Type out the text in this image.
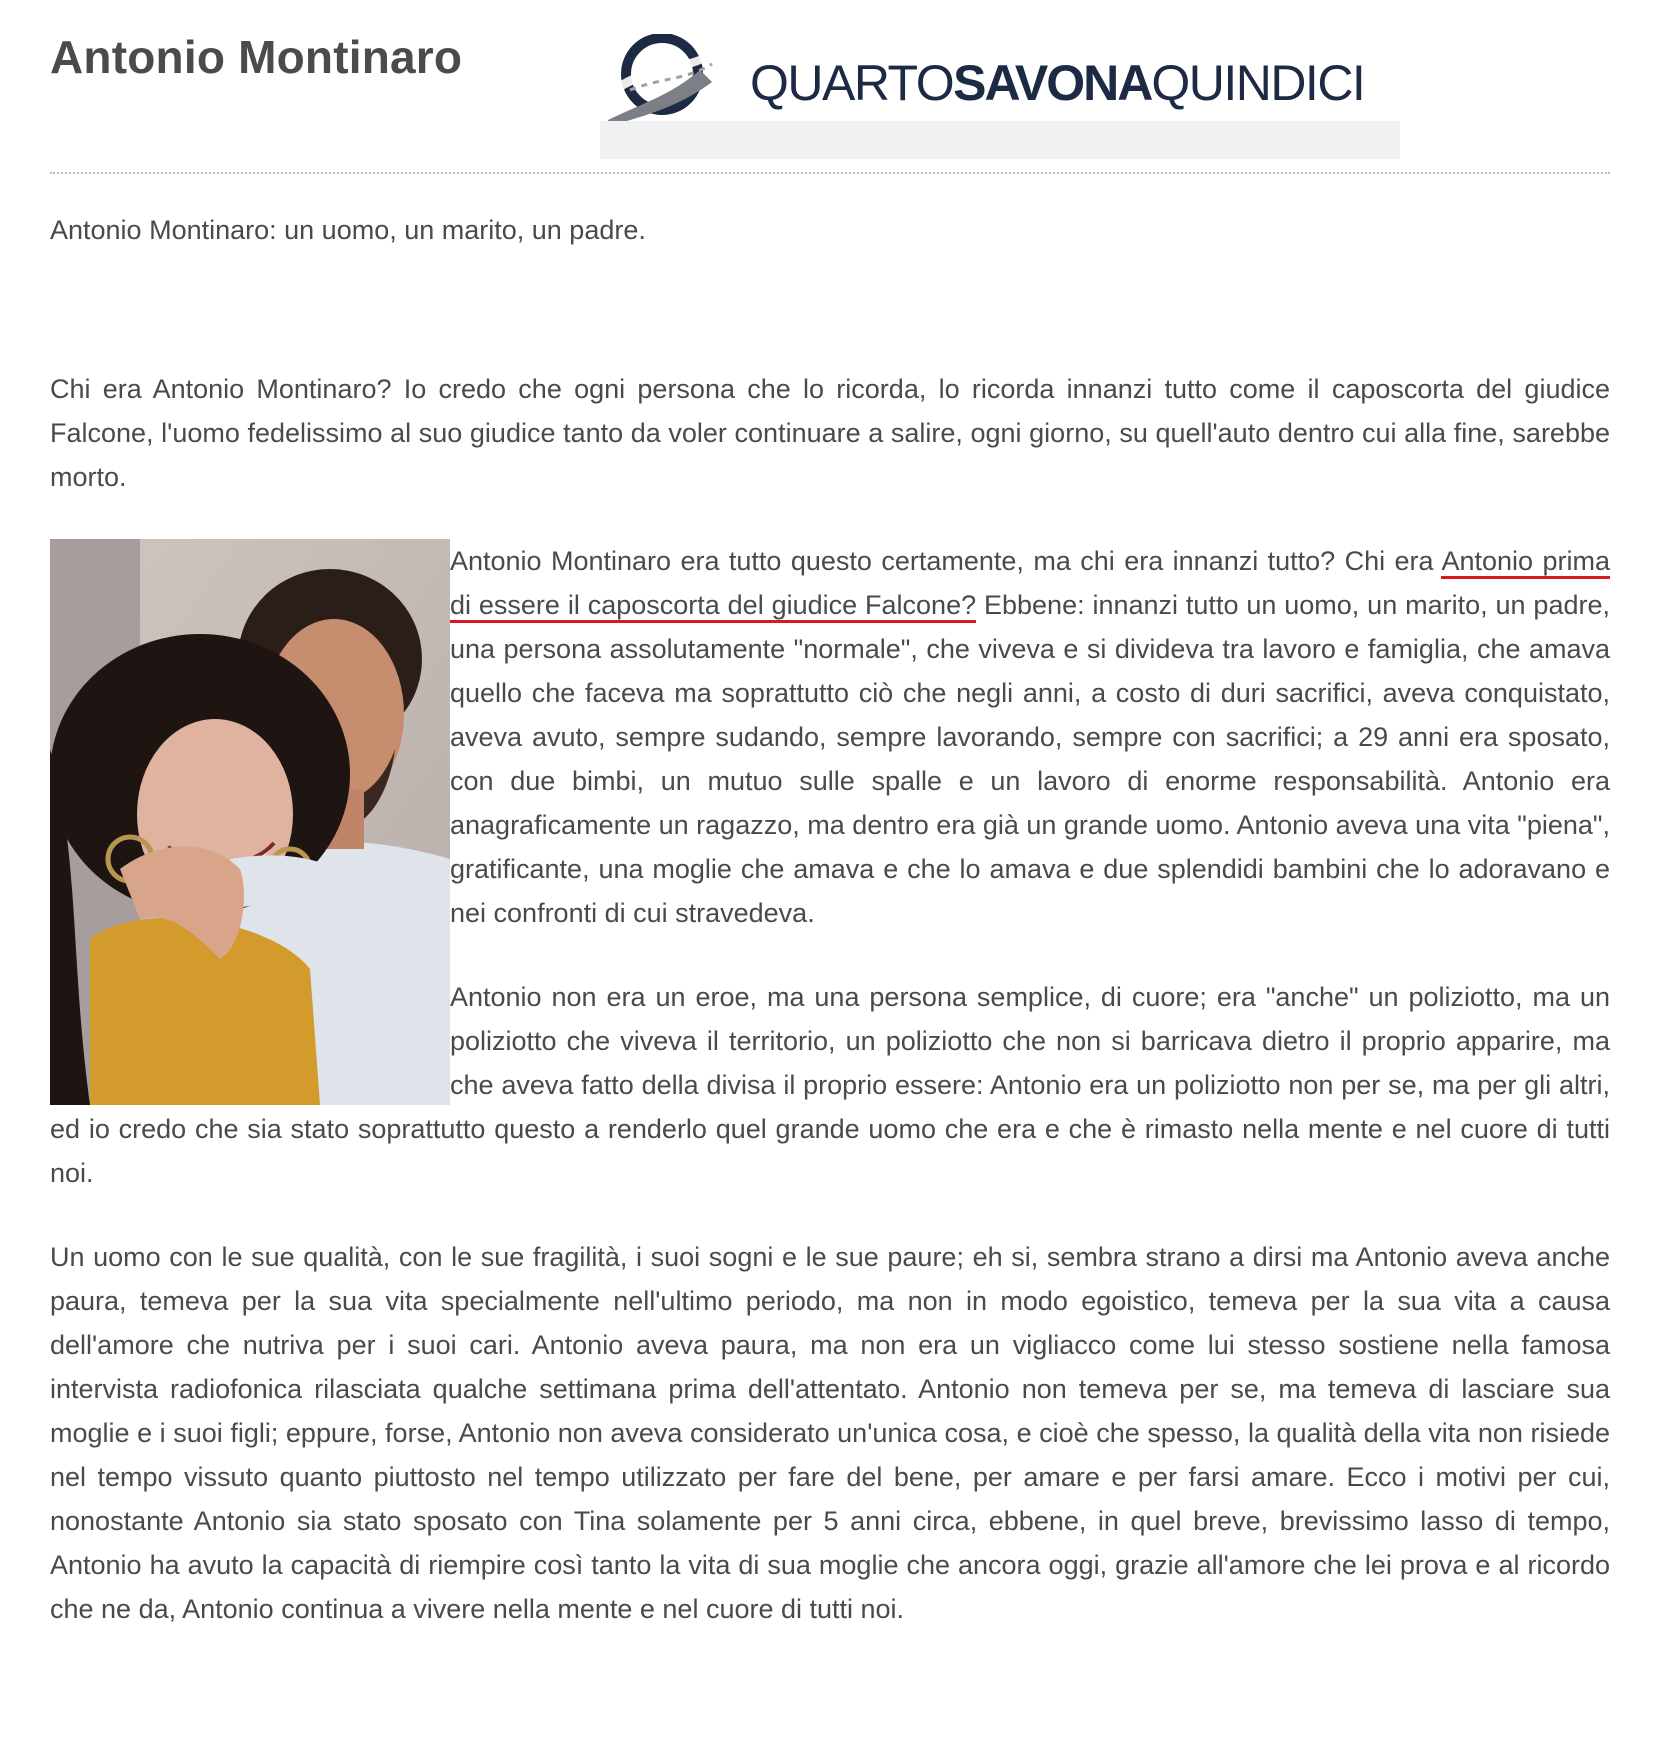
Antonio Montinaro	QUARTOSAVONAQUINDICI

Antonio Montinaro: un uomo, un marito, un padre.

Chi era Antonio Montinaro? Io credo che ogni persona che lo ricorda, lo ricorda innanzi tutto come il caposcorta del giudice Falcone, l'uomo fedelissimo al suo giudice tanto da voler continuare a salire, ogni giorno, su quell'auto dentro cui alla fine, sarebbe morto.

Antonio Montinaro era tutto questo certamente, ma chi era innanzi tutto? Chi era Antonio prima di essere il caposcorta del giudice Falcone? Ebbene: innanzi tutto un uomo, un marito, un padre, una persona assolutamente "normale", che viveva e si divideva tra lavoro e famiglia, che amava quello che faceva ma soprattutto ciò che negli anni, a costo di duri sacrifici, aveva conquistato, aveva avuto, sempre sudando, sempre lavorando, sempre con sacrifici; a 29 anni era sposato, con due bimbi, un mutuo sulle spalle e un lavoro di enorme responsabilità. Antonio era anagraficamente un ragazzo, ma dentro era già un grande uomo. Antonio aveva una vita "piena", gratificante, una moglie che amava e che lo amava e due splendidi bambini che lo adoravano e nei confronti di cui stravedeva.

Antonio non era un eroe, ma una persona semplice, di cuore; era "anche" un poliziotto, ma un poliziotto che viveva il territorio, un poliziotto che non si barricava dietro il proprio apparire, ma che aveva fatto della divisa il proprio essere: Antonio era un poliziotto non per se, ma per gli altri, ed io credo che sia stato soprattutto questo a renderlo quel grande uomo che era e che è rimasto nella mente e nel cuore di tutti noi.

Un uomo con le sue qualità, con le sue fragilità, i suoi sogni e le sue paure; eh si, sembra strano a dirsi ma Antonio aveva anche paura, temeva per la sua vita specialmente nell'ultimo periodo, ma non in modo egoistico, temeva per la sua vita a causa dell'amore che nutriva per i suoi cari. Antonio aveva paura, ma non era un vigliacco come lui stesso sostiene nella famosa intervista radiofonica rilasciata qualche settimana prima dell'attentato. Antonio non temeva per se, ma temeva di lasciare sua moglie e i suoi figli; eppure, forse, Antonio non aveva considerato un'unica cosa, e cioè che spesso, la qualità della vita non risiede nel tempo vissuto quanto piuttosto nel tempo utilizzato per fare del bene, per amare e per farsi amare. Ecco i motivi per cui, nonostante Antonio sia stato sposato con Tina solamente per 5 anni circa, ebbene, in quel breve, brevissimo lasso di tempo, Antonio ha avuto la capacità di riempire così tanto la vita di sua moglie che ancora oggi, grazie all'amore che lei prova e al ricordo che ne da, Antonio continua a vivere nella mente e nel cuore di tutti noi.
